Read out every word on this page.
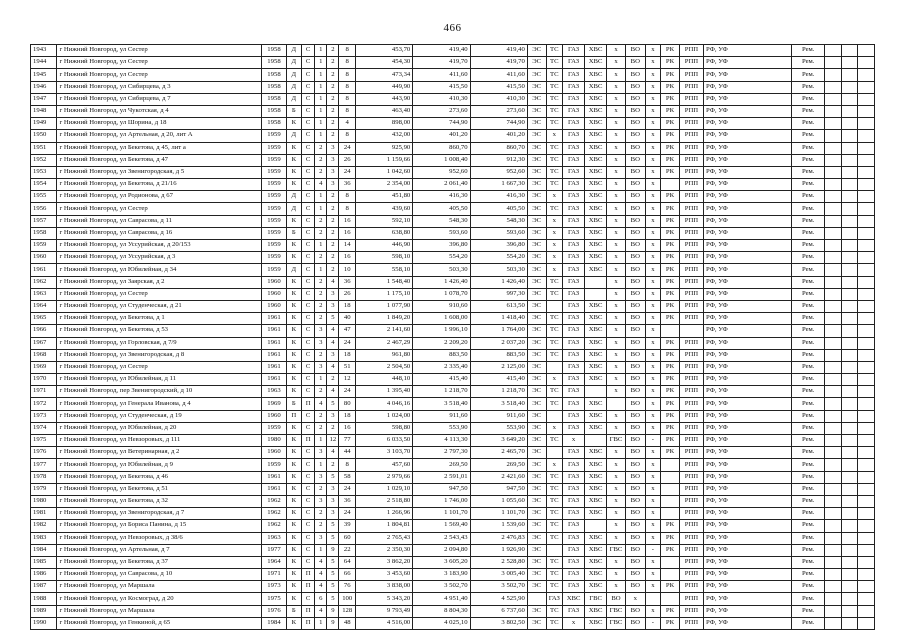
466
1943	г Нижний Новгород, ул Сестер	1958	Д	С	1	2	8	453,70	419,40	419,40	ЭС	ТС	ГАЗ	ХВС	х	ВО	х	РК	РПП	РФ, УФ	Рем.			
1944	г Нижний Новгород, ул Сестер	1958	Д	С	1	2	8	454,30	419,70	419,70	ЭС	ТС	ГАЗ	ХВС	х	ВО	х	РК	РПП	РФ, УФ	Рем.			
1945	г Нижний Новгород, ул Сестер	1958	Д	С	1	2	8	473,34	411,60	411,60	ЭС	ТС	ГАЗ	ХВС	х	ВО	х	РК	РПП	РФ, УФ	Рем.			
1946	г Нижний Новгород, ул Сибирцева, д 3	1958	Д	С	1	2	8	449,90	415,50	415,50	ЭС	ТС	ГАЗ	ХВС	х	ВО	х	РК	РПП	РФ, УФ	Рем.			
1947	г Нижний Новгород, ул Сибирцева, д 7	1958	Д	С	1	2	8	443,90	410,30	410,30	ЭС	ТС	ГАЗ	ХВС	х	ВО	х	РК	РПП	РФ, УФ	Рем.			
1948	г Нижний Новгород, ул Чукотская, д 4	1958	Б	С	1	2	8	463,40	273,60	273,60	ЭС	ТС	ГАЗ	ХВС	х	ВО	х	РК	РПП	РФ, УФ	Рем.			
1949	г Нижний Новгород, ул Шорина, д 18	1958	К	С	1	2	4	898,00	744,90	744,90	ЭС	ТС	ГАЗ	ХВС	х	ВО	х	РК	РПП	РФ, УФ	Рем.			
1950	г Нижний Новгород, ул Артельная, д 20, лит А	1959	Д	С	1	2	8	432,00	401,20	401,20	ЭС	х	ГАЗ	ХВС	х	ВО	х	РК	РПП	РФ, УФ	Рем.			
1951	г Нижний Новгород, ул Бекетова, д 45, лит а	1959	К	С	2	3	24	925,90	860,70	860,70	ЭС	ТС	ГАЗ	ХВС	х	ВО	х	РК	РПП	РФ, УФ	Рем.			
1952	г Нижний Новгород, ул Бекетова, д 47	1959	К	С	2	3	26	1 159,66	1 008,40	912,30	ЭС	ТС	ГАЗ	ХВС	х	ВО	х	РК	РПП	РФ, УФ	Рем.			
1953	г Нижний Новгород, ул Звенигородская, д 5	1959	К	С	2	3	24	1 042,60	952,60	952,60	ЭС	ТС	ГАЗ	ХВС	х	ВО	х	РК	РПП	РФ, УФ	Рем.			
1954	г Нижний Новгород, ул Бекетова, д 21/16	1959	К	С	4	3	36	2 354,00	2 061,40	1 667,30	ЭС	ТС	ГАЗ	ХВС	х	ВО	х		РПП	РФ, УФ	Рем.			
1955	г Нижний Новгород, ул Родионова, д 67	1959	Д	С	1	2	8	451,80	416,30	416,30	ЭС	х	ГАЗ	ХВС	х	ВО	х	РК	РПП	РФ, УФ	Рем.			
1956	г Нижний Новгород, ул Сестер	1959	Д	С	1	2	8	439,60	405,50	405,50	ЭС	ТС	ГАЗ	ХВС	х	ВО	х	РК	РПП	РФ, УФ	Рем.			
1957	г Нижний Новгород, ул Саврасова, д 11	1959	К	С	2	2	16	592,10	548,30	548,30	ЭС	х	ГАЗ	ХВС	х	ВО	х	РК	РПП	РФ, УФ	Рем.			
1958	г Нижний Новгород, ул Саврасова, д 16	1959	Б	С	2	2	16	638,80	593,60	593,60	ЭС	х	ГАЗ	ХВС	х	ВО	х	РК	РПП	РФ, УФ	Рем.			
1959	г Нижний Новгород, ул Уссурийская, д 20/153	1959	К	С	1	2	14	446,90	396,80	396,80	ЭС	х	ГАЗ	ХВС	х	ВО	х	РК	РПП	РФ, УФ	Рем.			
1960	г Нижний Новгород, ул Уссурийская, д 3	1959	К	С	2	2	16	598,10	554,20	554,20	ЭС	х	ГАЗ	ХВС	х	ВО	х	РК	РПП	РФ, УФ	Рем.			
1961	г Нижний Новгород, ул Юбилейная, д 34	1959	Д	С	1	2	10	558,10	503,30	503,30	ЭС	х	ГАЗ	ХВС	х	ВО	х	РК	РПП	РФ, УФ	Рем.			
1962	г Нижний Новгород, ул Заярская, д 2	1960	К	С	2	4	36	1 548,40	1 426,40	1 426,40	ЭС	ТС	ГАЗ		х	ВО	х	РК	РПП	РФ, УФ	Рем.			
1963	г Нижний Новгород, ул Сестер	1960	К	С	2	3	26	1 175,10	1 078,70	997,30	ЭС	ТС	ГАЗ		х	ВО	х	РК	РПП	РФ, УФ	Рем.			
1964	г Нижний Новгород, ул Студенческая, д 21	1960	К	С	2	3	18	1 077,90	910,60	613,50	ЭС		ГАЗ	ХВС	х	ВО	х	РК	РПП	РФ, УФ	Рем.			
1965	г Нижний Новгород, ул Бекетова, д 1	1961	К	С	2	5	40	1 849,20	1 608,00	1 418,40	ЭС	ТС	ГАЗ	ХВС	х	ВО	х	РК	РПП	РФ, УФ	Рем.			
1966	г Нижний Новгород, ул Бекетова, д 53	1961	К	С	3	4	47	2 141,60	1 996,10	1 764,00	ЭС	ТС	ГАЗ	ХВС	х	ВО	х			РФ, УФ	Рем.			
1967	г Нижний Новгород, ул Горловская, д 7/9	1961	К	С	3	4	24	2 467,29	2 209,20	2 037,20	ЭС	ТС	ГАЗ	ХВС	х	ВО	х	РК	РПП	РФ, УФ	Рем.			
1968	г Нижний Новгород, ул Звенигородская, д 8	1961	К	С	2	3	18	961,80	883,50	883,50	ЭС	ТС	ГАЗ	ХВС	х	ВО	х	РК	РПП	РФ, УФ	Рем.			
1969	г Нижний Новгород, ул Сестер	1961	К	С	3	4	51	2 504,50	2 335,40	2 125,00	ЭС		ГАЗ	ХВС	х	ВО	х	РК	РПП	РФ, УФ	Рем.			
1970	г Нижний Новгород, ул Юбилейная, д 11	1961	К	С	1	2	12	448,10	415,40	415,40	ЭС	х	ГАЗ	ХВС	х	ВО	х	РК	РПП	РФ, УФ	Рем.			
1971	г Нижний Новгород, пер Звенигородский, д 10	1963	К	С	2	4	24	1 395,40	1 218,70	1 218,70	ЭС	ТС	ГАЗ		х	ВО	х	РК	РПП	РФ, УФ	Рем.			
1972	г Нижний Новгород, ул Генерала Иванова, д 4	1969	Б	П	4	5	80	4 046,16	3 518,40	3 518,40	ЭС	ТС	ГАЗ	ХВС		ВО	х	РК	РПП	РФ, УФ	Рем.			
1973	г Нижний Новгород, ул Студенческая, д 19	1960	П	С	2	3	18	1 024,00	911,60	911,60	ЭС		ГАЗ	ХВС	х	ВО	х	РК	РПП	РФ, УФ	Рем.			
1974	г Нижний Новгород, ул Юбилейная, д 20	1959	К	С	2	2	16	598,80	553,90	553,90	ЭС	х	ГАЗ	ХВС	х	ВО	х	РК	РПП	РФ, УФ	Рем.			
1975	г Нижний Новгород, ул Невзоровых, д 111	1980	К	П	1	12	77	6 033,50	4 113,30	3 649,20	ЭС	ТС	х		ГВС	ВО	-	РК	РПП	РФ, УФ	Рем.			
1976	г Нижний Новгород, ул Ветеринарная, д 2	1960	К	С	3	4	44	3 103,70	2 797,30	2 465,70	ЭС		ГАЗ	ХВС	х	ВО	х	РК	РПП	РФ, УФ	Рем.			
1977	г Нижний Новгород, ул Юбилейная, д 9	1959	К	С	1	2	8	457,60	269,50	269,50	ЭС	х	ГАЗ	ХВС	х	ВО	х		РПП	РФ, УФ	Рем.			
1978	г Нижний Новгород, ул Бекетова, д 46	1961	К	С	3	5	58	2 979,66	2 591,01	2 421,60	ЭС	ТС	ГАЗ	ХВС	х	ВО	х		РПП	РФ, УФ	Рем.			
1979	г Нижний Новгород, ул Бекетова, д 51	1961	К	С	2	3	24	1 029,10	947,50	947,50	ЭС	ТС	ГАЗ	ХВС	х	ВО	х		РПП	РФ, УФ	Рем.			
1980	г Нижний Новгород, ул Бекетова, д 32	1962	К	С	3	3	36	2 518,80	1 746,00	1 055,60	ЭС	ТС	ГАЗ	ХВС	х	ВО	х		РПП	РФ, УФ	Рем.			
1981	г Нижний Новгород, ул Звенигородская, д 7	1962	К	С	2	3	24	1 266,96	1 101,70	1 101,70	ЭС	ТС	ГАЗ	ХВС	х	ВО	х		РПП	РФ, УФ	Рем.			
1982	г Нижний Новгород, ул Бориса Панина, д 15	1962	К	С	2	5	39	1 804,81	1 569,40	1 539,60	ЭС	ТС	ГАЗ		х	ВО	х	РК	РПП	РФ, УФ	Рем.			
1983	г Нижний Новгород, ул Невзоровых, д 38/6	1963	К	С	3	5	60	2 765,43	2 543,43	2 476,83	ЭС	ТС	ГАЗ	ХВС	х	ВО	х	РК	РПП	РФ, УФ	Рем.			
1984	г Нижний Новгород, ул Артельная, д 7	1977	К	С	1	9	22	2 350,30	2 094,80	1 926,90	ЭС		ГАЗ	ХВС	ГВС	ВО	-	РК	РПП	РФ, УФ	Рем.			
1985	г Нижний Новгород, ул Бекетова, д 37	1964	К	С	4	5	64	3 862,20	3 605,20	2 528,80	ЭС	ТС	ГАЗ	ХВС	х	ВО	х		РПП	РФ, УФ	Рем.			
1986	г Нижний Новгород, ул Саврасова, д 10	1971	К	П	4	5	66	3 453,60	3 183,90	3 005,40	ЭС	ТС	ГАЗ	ХВС	х	ВО	х		РПП	РФ, УФ	Рем.			
1987	г Нижний Новгород, ул Маршала	1973	К	П	4	5	76	3 838,00	3 502,70	3 502,70	ЭС	ТС	ГАЗ	ХВС	х	ВО	х	РК	РПП	РФ, УФ	Рем.			
1988	г Нижний Новгород, ул Космоград, д 20	1975	К	С	6	5	100	5 343,20	4 951,40	4 525,90		ГАЗ	ХВС	ГВС	ВО	х			РПП	РФ, УФ	Рем.			
1989	г Нижний Новгород, ул Маршала	1976	Б	П	4	9	128	9 793,49	8 804,30	6 737,60	ЭС	ТС	ГАЗ	ХВС	ГВС	ВО	х	РК	РПП	РФ, УФ	Рем.			
1990	г Нижний Новгород, ул Генкиной, д 65	1984	К	П	1	9	48	4 516,00	4 025,10	3 802,50	ЭС	ТС	х	ХВС	ГВС	ВО	-	РК	РПП	РФ, УФ	Рем.			
